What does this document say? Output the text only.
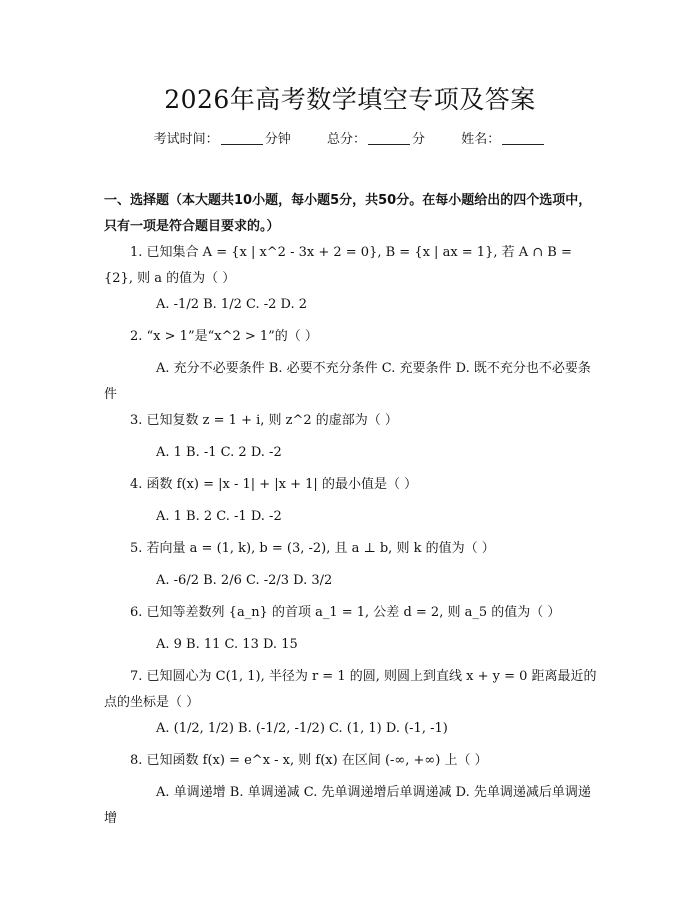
2026年高考数学填空专项及答案
考试时间：	分钟	总分：	分	姓名：
一、选择题（本大题共10小题，每小题5分，共50分。在每小题给出的四个选项中，只有一项是符合题目要求的。）
1. 已知集合 A = {x | x^2 - 3x + 2 = 0}, B = {x | ax = 1}, 若 A ∩ B = {2}, 则 a 的值为（ ）
A. -1/2 B. 1/2 C. -2 D. 2
2. “x > 1”是“x^2 > 1”的（ ）
A. 充分不必要条件 B. 必要不充分条件 C. 充要条件 D. 既不充分也不必要条件
3. 已知复数 z = 1 + i, 则 z^2 的虚部为（ ）
A. 1 B. -1 C. 2 D. -2
4. 函数 f(x) = |x - 1| + |x + 1| 的最小值是（ ）
A. 1 B. 2 C. -1 D. -2
5. 若向量 a = (1, k), b = (3, -2), 且 a ⊥ b, 则 k 的值为（ ）
A. -6/2 B. 2/6 C. -2/3 D. 3/2
6. 已知等差数列 {a_n} 的首项 a_1 = 1, 公差 d = 2, 则 a_5 的值为（ ）
A. 9 B. 11 C. 13 D. 15
7. 已知圆心为 C(1, 1), 半径为 r = 1 的圆, 则圆上到直线 x + y = 0 距离最近的点的坐标是（ ）
A. (1/2, 1/2) B. (-1/2, -1/2) C. (1, 1) D. (-1, -1)
8. 已知函数 f(x) = e^x - x, 则 f(x) 在区间 (-∞, +∞) 上（ ）
A. 单调递增 B. 单调递减 C. 先单调递增后单调递减 D. 先单调递减后单调递增
